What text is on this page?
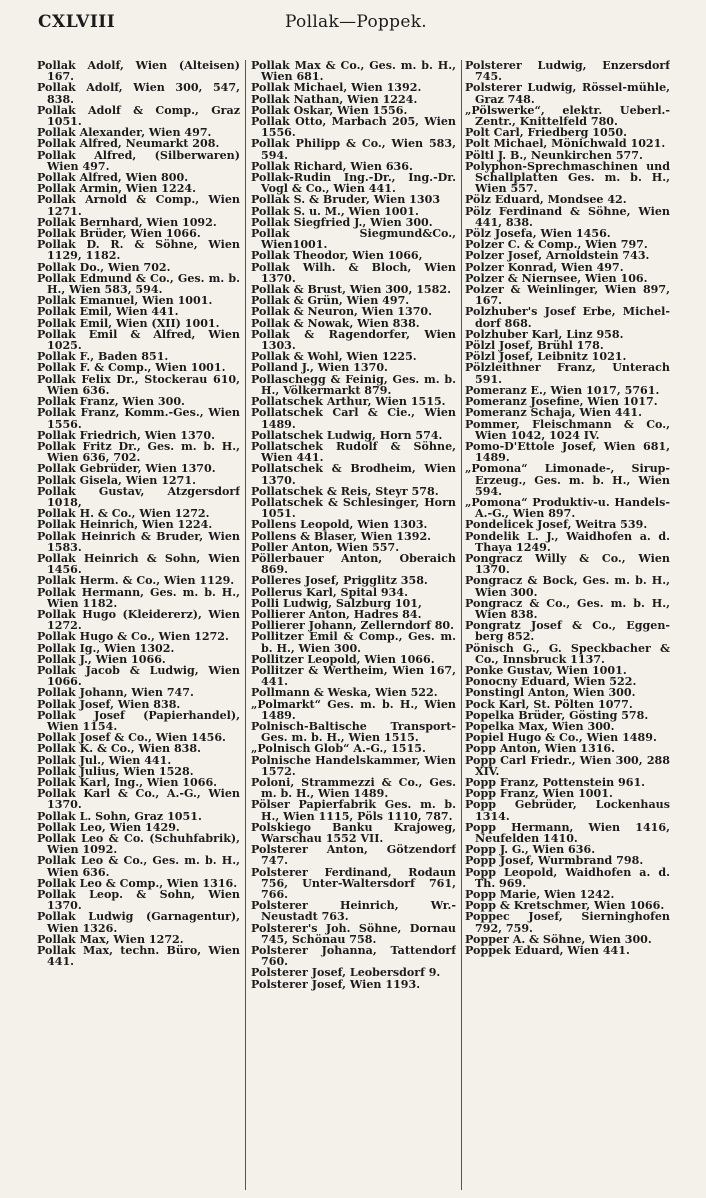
CXLVIII	Pollak—Poppek.
Pollak Adolf, Wien (Alteisen) 167.
Pollak Adolf, Wien 300, 547, 838.
Pollak Adolf & Comp., Graz 1051.
Pollak Alexander, Wien 497.
Pollak Alfred, Neumarkt 208.
Pollak Alfred, (Silberwaren) Wien 497.
Pollak Alfred, Wien 800.
Pollak Armin, Wien 1224.
Pollak Arnold & Comp., Wien 1271.
Pollak Bernhard, Wien 1092.
Pollak Brüder, Wien 1066.
Pollak D. R. & Söhne, Wien 1129, 1182.
Pollak Do., Wien 702.
Pollak Edmund & Co., Ges. m. b. H., Wien 583, 594.
Pollak Emanuel, Wien 1001.
Pollak Emil, Wien 441.
Pollak Emil, Wien (XII) 1001.
Pollak Emil & Alfred, Wien 1025.
Pollak F., Baden 851.
Pollak F. & Comp., Wien 1001.
Pollak Felix Dr., Stockerau 610, Wien 636.
Pollak Franz, Wien 300.
Pollak Franz, Komm.-Ges., Wien 1556.
Pollak Friedrich, Wien 1370.
Pollak Fritz Dr., Ges. m. b. H., Wien 636, 702.
Pollak Gebrüder, Wien 1370.
Pollak Gisela, Wien 1271.
Pollak Gustav, Atzgersdorf 1018,
Pollak H. & Co., Wien 1272.
Pollak Heinrich, Wien 1224.
Pollak Heinrich & Bruder, Wien 1583.
Pollak Heinrich & Sohn, Wien 1456.
Pollak Herm. & Co., Wien 1129.
Pollak Hermann, Ges. m. b. H., Wien 1182.
Pollak Hugo (Kleidererz), Wien 1272.
Pollak Hugo & Co., Wien 1272.
Pollak Ig., Wien 1302.
Pollak J., Wien 1066.
Pollak Jacob & Ludwig, Wien 1066.
Pollak Johann, Wien 747.
Pollak Josef, Wien 838.
Pollak Josef (Papierhandel), Wien 1154.
Pollak Josef & Co., Wien 1456.
Pollak K. & Co., Wien 838.
Pollak Jul., Wien 441.
Pollak Julius, Wien 1528.
Pollak Karl, Ing., Wien 1066.
Pollak Karl & Co., A.-G., Wien 1370.
Pollak L. Sohn, Graz 1051.
Pollak Leo, Wien 1429.
Pollak Leo & Co. (Schuhfabrik), Wien 1092.
Pollak Leo & Co., Ges. m. b. H., Wien 636.
Pollak Leo & Comp., Wien 1316.
Pollak Leop. & Sohn, Wien 1370.
Pollak Ludwig (Garnagentur), Wien 1326.
Pollak Max, Wien 1272.
Pollak Max, techn. Büro, Wien 441.
Pollak Max & Co., Ges. m. b. H., Wien 681.
Pollak Michael, Wien 1392.
Pollak Nathan, Wien 1224.
Pollak Oskar, Wien 1556.
Pollak Otto, Marbach 205, Wien 1556.
Pollak Philipp & Co., Wien 583, 594.
Pollak Richard, Wien 636.
Pollak-Rudin Ing.-Dr., Ing.-Dr. Vogl & Co., Wien 441.
Pollak S. & Bruder, Wien 1303
Pollak S. u. M., Wien 1001.
Pollak Siegfried J., Wien 300.
Pollak Siegmund&Co., Wien1001.
Pollak Theodor, Wien 1066,
Pollak Wilh. & Bloch, Wien 1370.
Pollak & Brust, Wien 300, 1582.
Pollak & Grün, Wien 497.
Pollak & Neuron, Wien 1370.
Pollak & Nowak, Wien 838.
Pollak & Ragendorfer, Wien 1303.
Pollak & Wohl, Wien 1225.
Polland J., Wien 1370.
Pollaschegg & Feinig, Ges. m. b. H., Völkermarkt 879.
Pollatschek Arthur, Wien 1515.
Pollatschek Carl & Cie., Wien 1489.
Pollatschek Ludwig, Horn 574.
Pollatschek Rudolf & Söhne, Wien 441.
Pollatschek & Brodheim, Wien 1370.
Pollatschek & Reis, Steyr 578.
Pollatschek & Schlesinger, Horn 1051.
Pollens Leopold, Wien 1303.
Pollens & Blaser, Wien 1392.
Poller Anton, Wien 557.
Pöllerbauer Anton, Oberaich 869.
Polleres Josef, Prigglitz 358.
Pollerus Karl, Spital 934.
Polli Ludwig, Salzburg 101,
Pollierer Anton, Hadres 84.
Pollierer Johann, Zellerndorf 80.
Pollitzer Emil & Comp., Ges. m. b. H., Wien 300.
Pollitzer Leopold, Wien 1066.
Pollitzer & Wertheim, Wien 167, 441.
Pollmann & Weska, Wien 522.
„Polmarkt“ Ges. m. b. H., Wien 1489.
Polnisch-Baltische Transport-Ges. m. b. H., Wien 1515.
„Polnisch Glob“ A.-G., 1515.
Polnische Handelskammer, Wien 1572.
Poloni, Strammezzi & Co., Ges. m. b. H., Wien 1489.
Pölser Papierfabrik Ges. m. b. H., Wien 1115, Pöls 1110, 787.
Polskiego Banku Krajoweg, Warschau 1552 VII.
Polsterer Anton, Götzendorf 747.
Polsterer Ferdinand, Rodaun 756, Unter-Waltersdorf 761, 766.
Polsterer Heinrich, Wr.-Neustadt 763.
Polsterer's Joh. Söhne, Dornau 745, Schönau 758.
Polsterer Johanna, Tattendorf 760.
Polsterer Josef, Leobersdorf 9.
Polsterer Josef, Wien 1193.
Polsterer Ludwig, Enzersdorf 745.
Polsterer Ludwig, Rössel-mühle, Graz 748.
„Pölswerke“, elektr. Ueberl.-Zentr., Knittelfeld 780.
Polt Carl, Friedberg 1050.
Polt Michael, Mönichwald 1021.
Pöltl J. B., Neunkirchen 577.
Polyphon-Sprechmaschinen und Schallplatten Ges. m. b. H., Wien 557.
Pölz Eduard, Mondsee 42.
Pölz Ferdinand & Söhne, Wien 441, 838.
Pölz Josefa, Wien 1456.
Polzer C. & Comp., Wien 797.
Polzer Josef, Arnoldstein 743.
Polzer Konrad, Wien 497.
Polzer & Niernsee, Wien 106.
Polzer & Weinlinger, Wien 897, 167.
Polzhuber's Josef Erbe, Michel-dorf 868.
Polzhuber Karl, Linz 958.
Pölzl Josef, Brühl 178.
Pölzl Josef, Leibnitz 1021.
Pölzleithner Franz, Unterach 591.
Pomeranz E., Wien 1017, 5761.
Pomeranz Josefine, Wien 1017.
Pomeranz Schaja, Wien 441.
Pommer, Fleischmann & Co., Wien 1042, 1024 IV.
Pomo-D'Ettole Josef, Wien 681, 1489.
„Pomona“ Limonade-, Sirup-Erzeug., Ges. m. b. H., Wien 594.
„Pomona“ Produktiv-u. Handels-A.-G., Wien 897.
Pondelicek Josef, Weitra 539.
Pondelik L. J., Waidhofen a. d. Thaya 1249.
Pongracz Willy & Co., Wien 1370.
Pongracz & Bock, Ges. m. b. H., Wien 300.
Pongracz & Co., Ges. m. b. H., Wien 838.
Pongratz Josef & Co., Eggen-berg 852.
Pönisch G., G. Speckbacher & Co., Innsbruck 1137.
Ponke Gustav, Wien 1001.
Ponocny Eduard, Wien 522.
Ponstingl Anton, Wien 300.
Pock Karl, St. Pölten 1077.
Popelka Brüder, Gösting 578.
Popelka Max, Wien 300.
Popiel Hugo & Co., Wien 1489.
Popp Anton, Wien 1316.
Popp Carl Friedr., Wien 300, 288 XIV.
Popp Franz, Pottenstein 961.
Popp Franz, Wien 1001.
Popp Gebrüder, Lockenhaus 1314.
Popp Hermann, Wien 1416, Neufelden 1410.
Popp J. G., Wien 636.
Popp Josef, Wurmbrand 798.
Popp Leopold, Waidhofen a. d. Th. 969.
Popp Marie, Wien 1242.
Popp & Kretschmer, Wien 1066.
Poppec Josef, Sierninghofen 792, 759.
Popper A. & Söhne, Wien 300.
Poppek Eduard, Wien 441.
